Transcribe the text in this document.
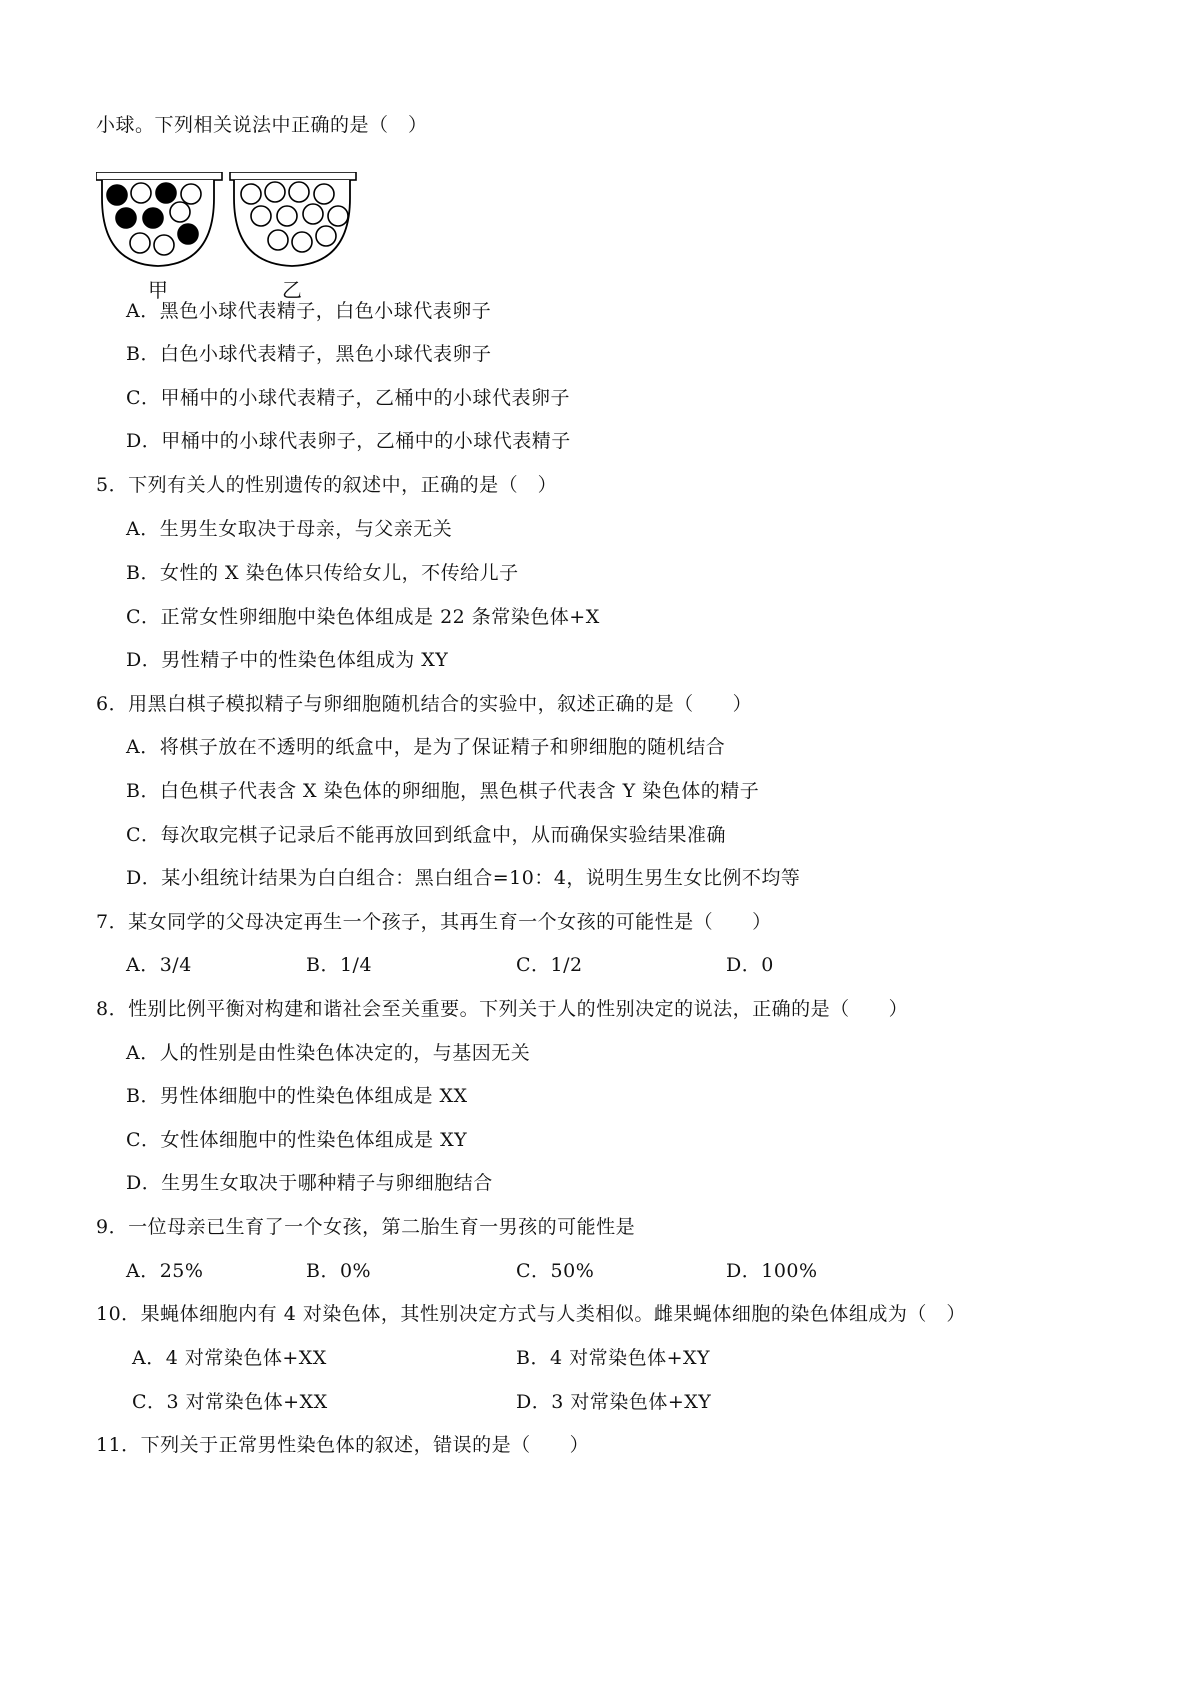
小球。下列相关说法中正确的是（　）
甲	乙
A．黑色小球代表精子，白色小球代表卵子
B．白色小球代表精子，黑色小球代表卵子
C．甲桶中的小球代表精子，乙桶中的小球代表卵子
D．甲桶中的小球代表卵子，乙桶中的小球代表精子
5．下列有关人的性别遗传的叙述中，正确的是（　）
A．生男生女取决于母亲，与父亲无关
B．女性的 X 染色体只传给女儿，不传给儿子
C．正常女性卵细胞中染色体组成是 22 条常染色体+X
D．男性精子中的性染色体组成为 XY
6．用黑白棋子模拟精子与卵细胞随机结合的实验中，叙述正确的是（　　）
A．将棋子放在不透明的纸盒中，是为了保证精子和卵细胞的随机结合
B．白色棋子代表含 X 染色体的卵细胞，黑色棋子代表含 Y 染色体的精子
C．每次取完棋子记录后不能再放回到纸盒中，从而确保实验结果准确
D．某小组统计结果为白白组合：黑白组合=10：4，说明生男生女比例不均等
7．某女同学的父母决定再生一个孩子，其再生育一个女孩的可能性是（　　）
A．3/4	B．1/4	C．1/2	D．0
8．性别比例平衡对构建和谐社会至关重要。下列关于人的性别决定的说法，正确的是（　　）
A．人的性别是由性染色体决定的，与基因无关
B．男性体细胞中的性染色体组成是 XX
C．女性体细胞中的性染色体组成是 XY
D．生男生女取决于哪种精子与卵细胞结合
9．一位母亲已生育了一个女孩，第二胎生育一男孩的可能性是
A．25%	B．0%	C．50%	D．100%
10．果蝇体细胞内有 4 对染色体，其性别决定方式与人类相似。雌果蝇体细胞的染色体组成为（　）
A．4 对常染色体+XX	B．4 对常染色体+XY
C．3 对常染色体+XX	D．3 对常染色体+XY
11．下列关于正常男性染色体的叙述，错误的是（　　）
